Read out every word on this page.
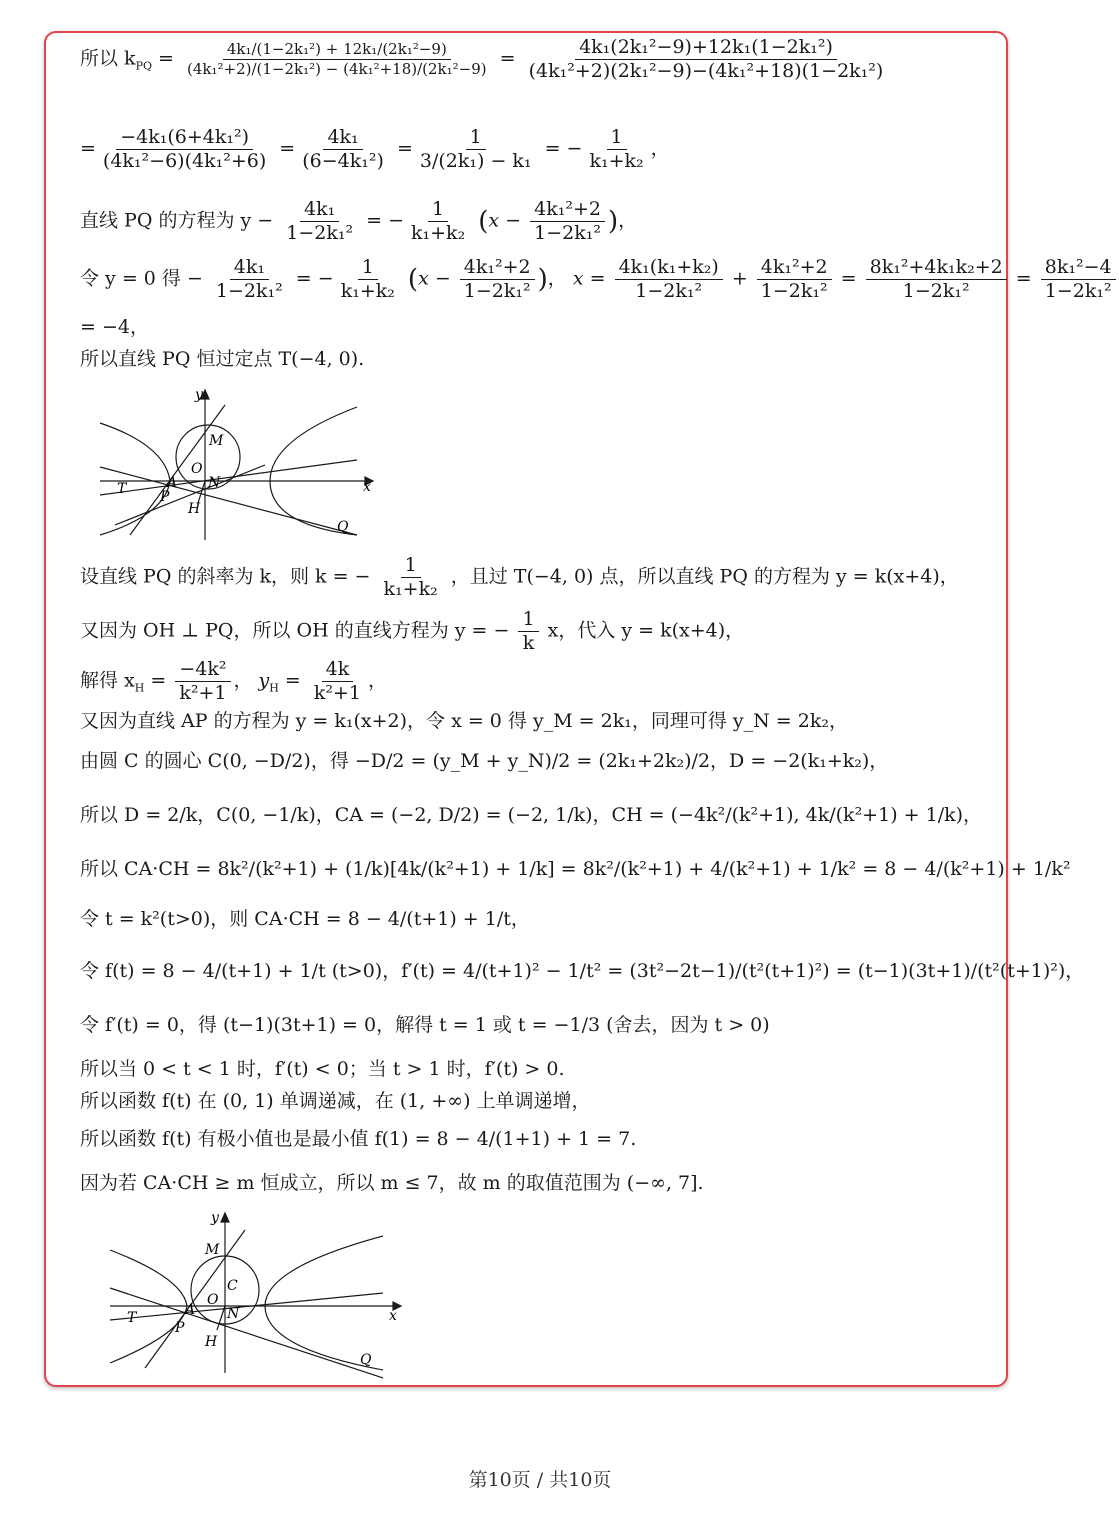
所以 $k_{PQ} = \frac{\text{4k₁/(1−2k₁²) + 12k₁/(2k₁²−9)}}{\text{(4k₁²+2)/(1−2k₁²) − (4k₁²+18)/(2k₁²−9)}} = \frac{\text{4k₁(2k₁²−9)+12k₁(1−2k₁²)}}{\text{(4k₁²+2)(2k₁²−9)−(4k₁²+18)(1−2k₁²)}}$
= $\frac{\text{−4k₁(6+4k₁²)}}{\text{(4k₁²−6)(4k₁²+6)}} = \frac{\text{4k₁}}{\text{(6−4k₁²)}} = \frac{1}{\text{3/(2k₁) − k₁}}$ = − $\frac{1}{\text{k₁+k₂}}$ ，
直线 PQ 的方程为 $y - \frac{\text{4k₁}}{\text{1−2k₁²}}$ = − $\frac{1}{\text{k₁+k₂}} (x - \frac{\text{4k₁²+2}}{\text{1−2k₁²}}$ )，
令 y = 0 得 − $\frac{\text{4k₁}}{\text{1−2k₁²}}$ = − $\frac{1}{\text{k₁+k₂}} (x - \frac{\text{4k₁²+2}}{\text{1−2k₁²}}$ )， $x = \frac{\text{4k₁(k₁+k₂)}}{\text{1−2k₁²}} + \frac{\text{4k₁²+2}}{\text{1−2k₁²}} = \frac{\text{8k₁²+4k₁k₂+2}}{\text{1−2k₁²}} = \frac{\text{8k₁²−4}}{\text{1−2k₁²}}$
= −4，
所以直线 PQ 恒过定点 T(−4, 0).
y
M
O
T	A N
P
H
x
Q
设直线 PQ 的斜率为 k，则 k = − $\frac{1}{\text{k₁+k₂}}$ ，且过 T(−4, 0) 点，所以直线 PQ 的方程为 y = k(x+4)，
又因为 OH ⊥ PQ，所以 OH 的直线方程为 y = − $\frac{1}{k}$ x，代入 y = k(x+4)，
解得 $x_H = \frac{\text{−4k²}}{\text{k²+1}}$ ， $y_H = \frac{4k}{\text{k²+1}}$ ，
又因为直线 AP 的方程为 y = k₁(x+2)，令 x = 0 得 y_M = 2k₁，同理可得 y_N = 2k₂，
由圆 C 的圆心 C(0, −D/2)，得 −D/2 = (y_M + y_N)/2 = (2k₁+2k₂)/2，D = −2(k₁+k₂)，
所以 D = 2/k，C(0, −1/k)，CA = (−2, D/2) = (−2, 1/k)，CH = (−4k²/(k²+1), 4k/(k²+1) + 1/k)，
所以 CA·CH = 8k²/(k²+1) + (1/k)[4k/(k²+1) + 1/k] = 8k²/(k²+1) + 4/(k²+1) + 1/k² = 8 − 4/(k²+1) + 1/k²
令 t = k²(t>0)，则 CA·CH = 8 − 4/(t+1) + 1/t，
令 f(t) = 8 − 4/(t+1) + 1/t (t>0)，f′(t) = 4/(t+1)² − 1/t² = (3t²−2t−1)/(t²(t+1)²) = (t−1)(3t+1)/(t²(t+1)²)，
令 f′(t) = 0，得 (t−1)(3t+1) = 0，解得 t = 1 或 t = −1/3 (舍去，因为 t > 0)
所以当 0 < t < 1 时，f′(t) < 0；当 t > 1 时，f′(t) > 0.
所以函数 f(t) 在 (0, 1) 单调递减，在 (1, +∞) 上单调递增，
所以函数 f(t) 有极小值也是最小值 f(1) = 8 − 4/(1+1) + 1 = 7.
因为若 CA·CH ≥ m 恒成立，所以 m ≤ 7，故 m 的取值范围为 (−∞, 7].
y
M
C
O
T	A N
P
H
x
Q
第10页 / 共10页
